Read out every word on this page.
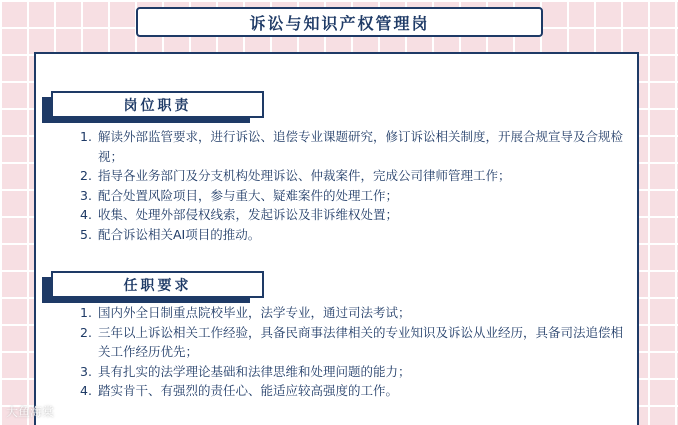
诉讼与知识产权管理岗
岗位职责
1. 解读外部监管要求，进行诉讼、追偿专业课题研究，修订诉讼相关制度，开展合规宣导及合规检视；
2. 指导各业务部门及分支机构处理诉讼、仲裁案件，完成公司律师管理工作；
3. 配合处置风险项目，参与重大、疑难案件的处理工作；
4. 收集、处理外部侵权线索，发起诉讼及非诉维权处置；
5. 配合诉讼相关AI项目的推动。
任职要求
1. 国内外全日制重点院校毕业，法学专业，通过司法考试；
2. 三年以上诉讼相关工作经验，具备民商事法律相关的专业知识及诉讼从业经历，具备司法追偿相关工作经历优先；
3. 具有扎实的法学理论基础和法律思维和处理问题的能力；
4. 踏实肯干、有强烈的责任心、能适应较高强度的工作。
大鱼海棠
